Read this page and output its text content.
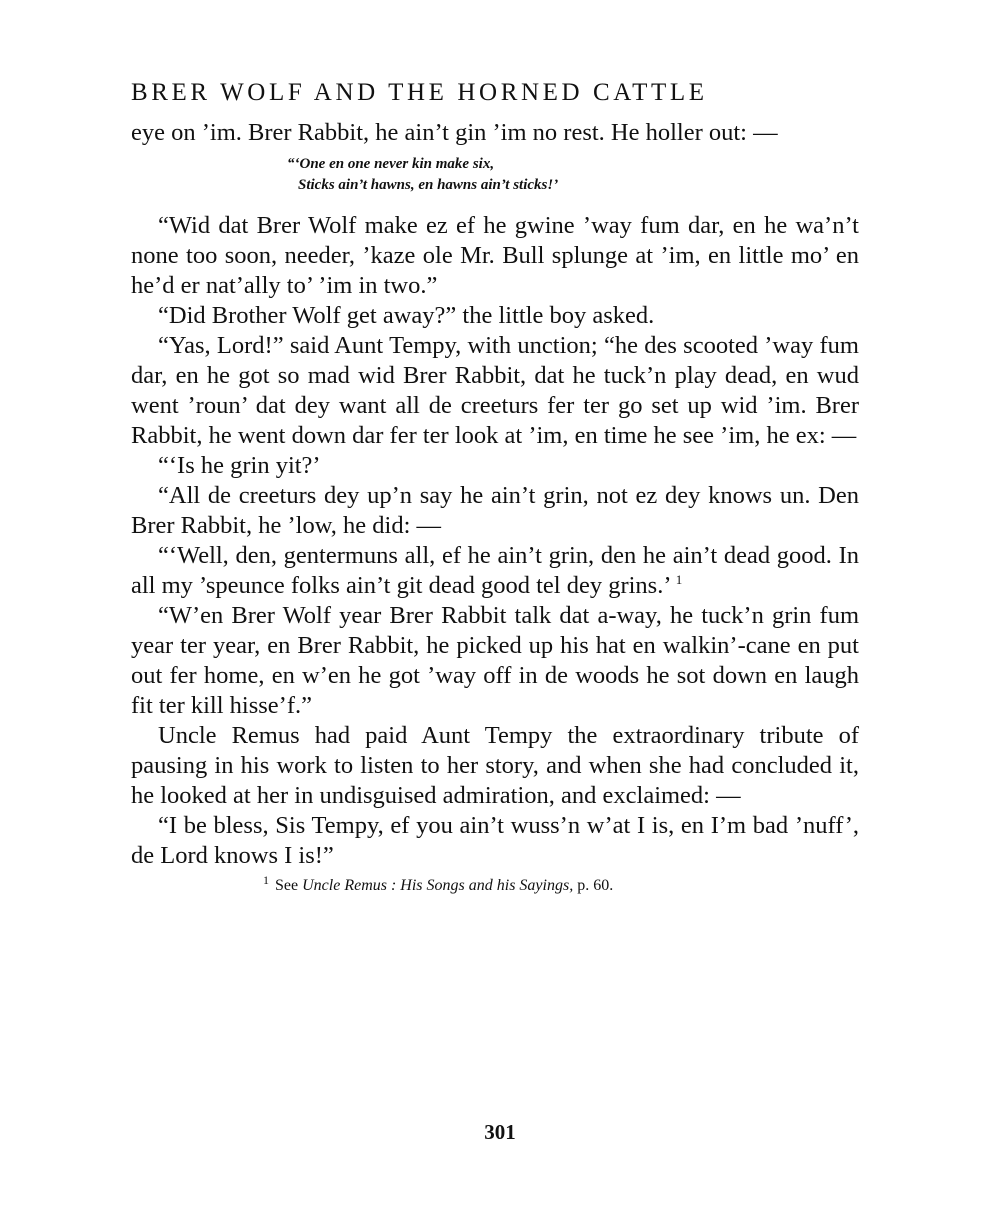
BRER WOLF AND THE HORNED CATTLE

eye on ’im. Brer Rabbit, he ain’t gin ’im no rest. He holler out: —

“‘One en one never kin make six,
Sticks ain’t hawns, en hawns ain’t sticks!’

“Wid dat Brer Wolf make ez ef he gwine ’way fum dar, en he wa’n’t none too soon, needer, ’kaze ole Mr. Bull splunge at ’im, en little mo’ en he’d er nat’ally to’ ’im in two.”

“Did Brother Wolf get away?” the little boy asked.

“Yas, Lord!” said Aunt Tempy, with unction; “he des scooted ’way fum dar, en he got so mad wid Brer Rabbit, dat he tuck’n play dead, en wud went ’roun’ dat dey want all de creeturs fer ter go set up wid ’im. Brer Rabbit, he went down dar fer ter look at ’im, en time he see ’im, he ex: —

“‘Is he grin yit?’

“All de creeturs dey up’n say he ain’t grin, not ez dey knows un. Den Brer Rabbit, he ’low, he did: —

“‘Well, den, gentermuns all, ef he ain’t grin, den he ain’t dead good. In all my ’speunce folks ain’t git dead good tel dey grins.’ $^1$

“W’en Brer Wolf year Brer Rabbit talk dat a-way, he tuck’n grin fum year ter year, en Brer Rabbit, he picked up his hat en walkin’-cane en put out fer home, en w’en he got ’way off in de woods he sot down en laugh fit ter kill hisse’f.”

Uncle Remus had paid Aunt Tempy the extraordinary tribute of pausing in his work to listen to her story, and when she had concluded it, he looked at her in undisguised admiration, and exclaimed: —

“I be bless, Sis Tempy, ef you ain’t wuss’n w’at I is, en I’m bad ’nuff’, de Lord knows I is!”

$^1$ See Uncle Remus : His Songs and his Sayings, p. 60.
301
